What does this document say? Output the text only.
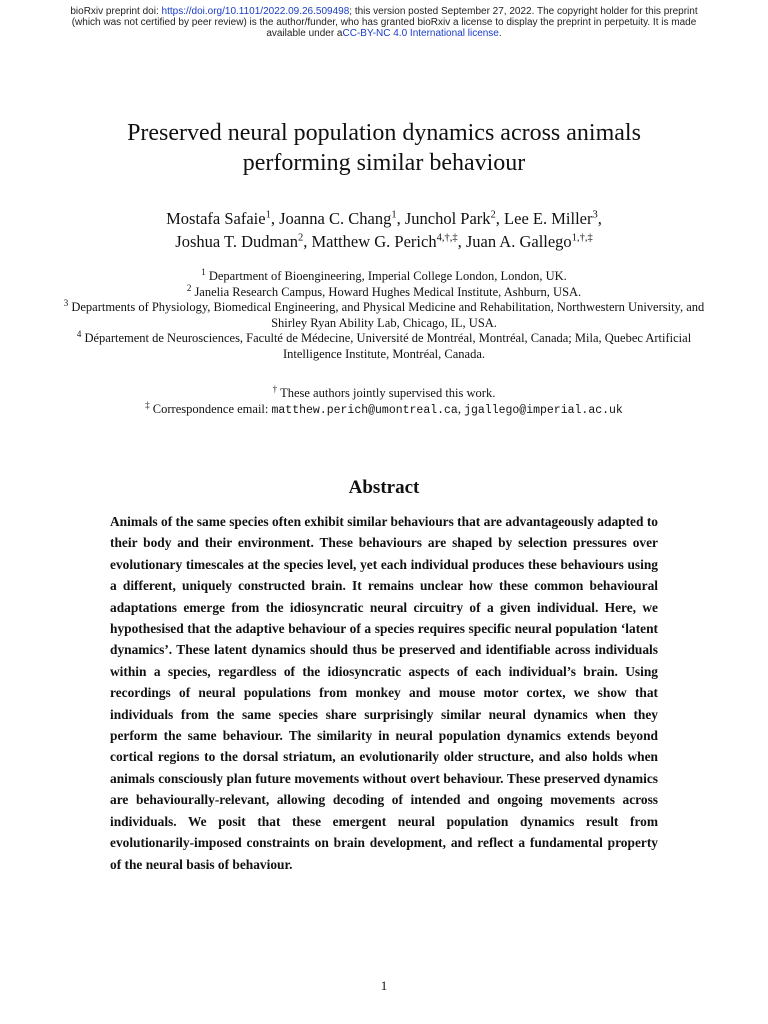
bioRxiv preprint doi: https://doi.org/10.1101/2022.09.26.509498; this version posted September 27, 2022. The copyright holder for this preprint (which was not certified by peer review) is the author/funder, who has granted bioRxiv a license to display the preprint in perpetuity. It is made available under aCC-BY-NC 4.0 International license.
Preserved neural population dynamics across animals performing similar behaviour
Mostafa Safaie$^1$, Joanna C. Chang$^1$, Junchol Park$^2$, Lee E. Miller$^3$,
Joshua T. Dudman$^2$, Matthew G. Perich$^{4,\dagger,\ddagger}$, Juan A. Gallego$^{1,\dagger,\ddagger}$
$^1$ Department of Bioengineering, Imperial College London, London, UK.
$^2$ Janelia Research Campus, Howard Hughes Medical Institute, Ashburn, USA.
$^3$ Departments of Physiology, Biomedical Engineering, and Physical Medicine and Rehabilitation, Northwestern University, and Shirley Ryan Ability Lab, Chicago, IL, USA.
$^4$ Département de Neurosciences, Faculté de Médecine, Université de Montréal, Montréal, Canada; Mila, Quebec Artificial Intelligence Institute, Montréal, Canada.
† These authors jointly supervised this work.
‡ Correspondence email: matthew.perich@umontreal.ca, jgallego@imperial.ac.uk
Abstract

Animals of the same species often exhibit similar behaviours that are advantageously adapted to their body and their environment. These behaviours are shaped by selection pressures over evolutionary timescales at the species level, yet each individual produces these behaviours using a different, uniquely constructed brain. It remains unclear how these common behavioural adaptations emerge from the idiosyncratic neural circuitry of a given individual. Here, we hypothesised that the adaptive behaviour of a species requires specific neural population ‘latent dynamics’. These latent dynamics should thus be preserved and identifiable across individuals within a species, regardless of the idiosyncratic aspects of each individual’s brain. Using recordings of neural populations from monkey and mouse motor cortex, we show that individuals from the same species share surprisingly similar neural dynamics when they perform the same behaviour. The similarity in neural population dynamics extends beyond cortical regions to the dorsal striatum, an evolutionarily older structure, and also holds when animals consciously plan future movements without overt behaviour. These preserved dynamics are behaviourally-relevant, allowing decoding of intended and ongoing movements across individuals. We posit that these emergent neural population dynamics result from evolutionarily-imposed constraints on brain development, and reflect a fundamental property of the neural basis of behaviour.

1
